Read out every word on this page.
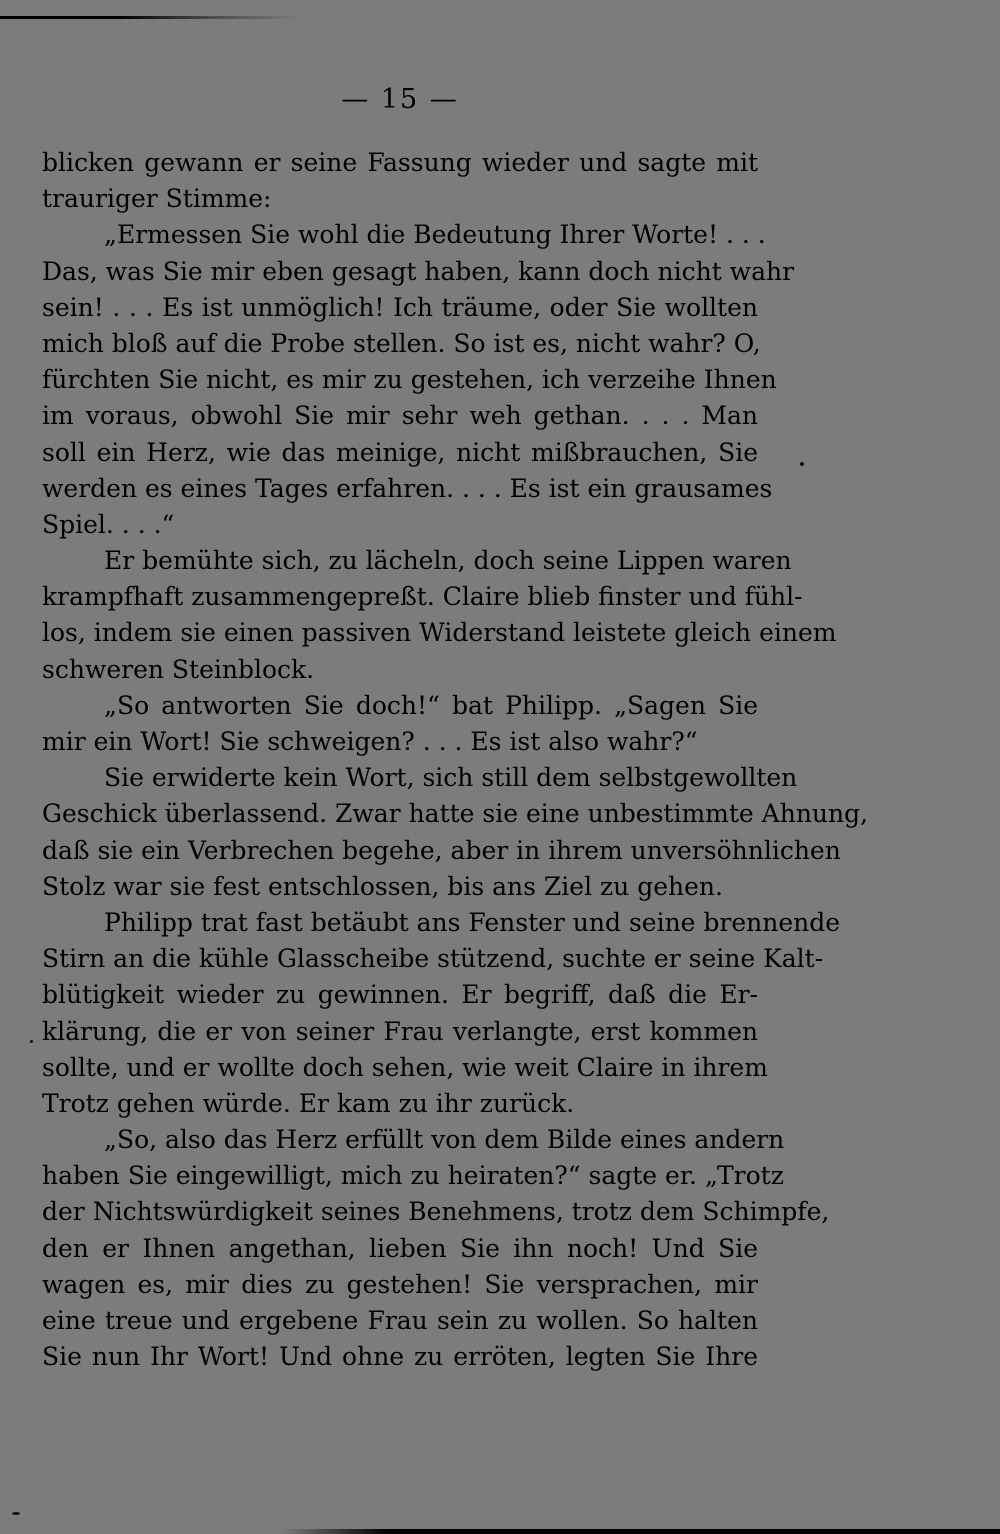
— 15 —
blicken gewann er seine Fassung wieder und sagte mit
trauriger Stimme:
„Ermessen Sie wohl die Bedeutung Ihrer Worte! . . .
Das, was Sie mir eben gesagt haben, kann doch nicht wahr
sein! . . . Es ist unmöglich! Ich träume, oder Sie wollten
mich bloß auf die Probe stellen. So ist es, nicht wahr? O,
fürchten Sie nicht, es mir zu gestehen, ich verzeihe Ihnen
im voraus, obwohl Sie mir sehr weh gethan. . . . Man
soll ein Herz, wie das meinige, nicht mißbrauchen, Sie
werden es eines Tages erfahren. . . . Es ist ein grausames
Spiel. . . .“
Er bemühte sich, zu lächeln, doch seine Lippen waren
krampfhaft zusammengepreßt. Claire blieb finster und fühl-
los, indem sie einen passiven Widerstand leistete gleich einem
schweren Steinblock.
„So antworten Sie doch!“ bat Philipp. „Sagen Sie
mir ein Wort! Sie schweigen? . . . Es ist also wahr?“
Sie erwiderte kein Wort, sich still dem selbstgewollten
Geschick überlassend. Zwar hatte sie eine unbestimmte Ahnung,
daß sie ein Verbrechen begehe, aber in ihrem unversöhnlichen
Stolz war sie fest entschlossen, bis ans Ziel zu gehen.
Philipp trat fast betäubt ans Fenster und seine brennende
Stirn an die kühle Glasscheibe stützend, suchte er seine Kalt-
blütigkeit wieder zu gewinnen. Er begriff, daß die Er-
klärung, die er von seiner Frau verlangte, erst kommen
sollte, und er wollte doch sehen, wie weit Claire in ihrem
Trotz gehen würde. Er kam zu ihr zurück.
„So, also das Herz erfüllt von dem Bilde eines andern
haben Sie eingewilligt, mich zu heiraten?“ sagte er. „Trotz
der Nichtswürdigkeit seines Benehmens, trotz dem Schimpfe,
den er Ihnen angethan, lieben Sie ihn noch! Und Sie
wagen es, mir dies zu gestehen! Sie versprachen, mir
eine treue und ergebene Frau sein zu wollen. So halten
Sie nun Ihr Wort! Und ohne zu erröten, legten Sie Ihre
